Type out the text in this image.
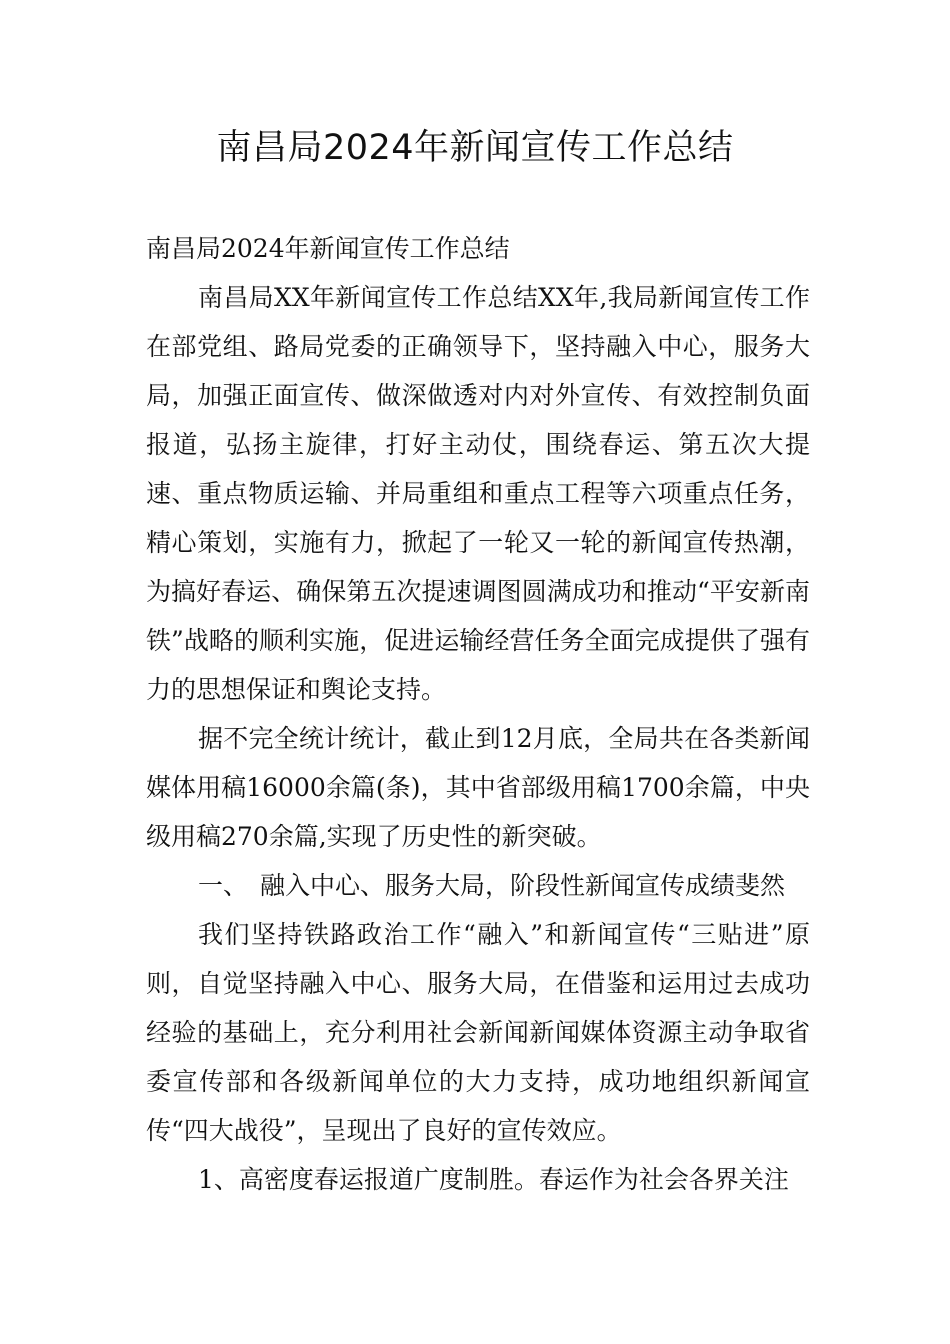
南昌局2024年新闻宣传工作总结

南昌局2024年新闻宣传工作总结

南昌局XX年新闻宣传工作总结XX年,我局新闻宣传工作在部党组、路局党委的正确领导下，坚持融入中心，服务大局，加强正面宣传、做深做透对内对外宣传、有效控制负面报道，弘扬主旋律，打好主动仗，围绕春运、第五次大提速、重点物质运输、并局重组和重点工程等六项重点任务，精心策划，实施有力，掀起了一轮又一轮的新闻宣传热潮，为搞好春运、确保第五次提速调图圆满成功和推动“平安新南铁”战略的顺利实施，促进运输经营任务全面完成提供了强有力的思想保证和舆论支持。

据不完全统计统计，截止到12月底，全局共在各类新闻媒体用稿16000余篇(条)，其中省部级用稿1700余篇，中央级用稿270余篇,实现了历史性的新突破。

一、 融入中心、服务大局，阶段性新闻宣传成绩斐然

我们坚持铁路政治工作“融入”和新闻宣传“三贴进”原则，自觉坚持融入中心、服务大局，在借鉴和运用过去成功经验的基础上，充分利用社会新闻新闻媒体资源主动争取省委宣传部和各级新闻单位的大力支持，成功地组织新闻宣传“四大战役”，呈现出了良好的宣传效应。

1、高密度春运报道广度制胜。春运作为社会各界关注
